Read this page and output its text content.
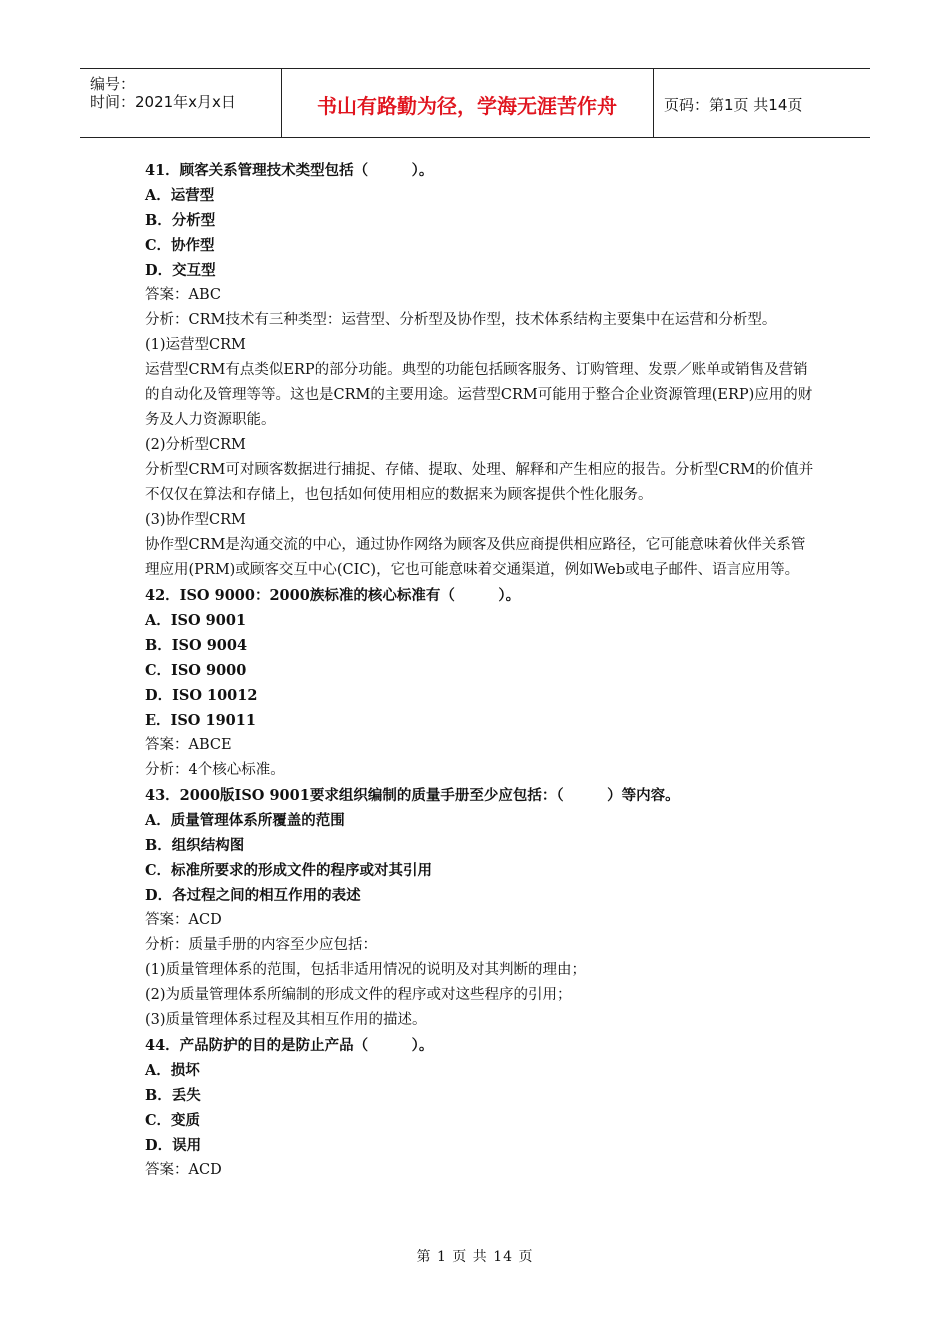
编号：
时间：2021年x月x日	书山有路勤为径，学海无涯苦作舟	页码：第1页 共14页
41．顾客关系管理技术类型包括（　　　）。
A．运营型
B．分析型
C．协作型
D．交互型
答案：ABC
分析：CRM技术有三种类型：运营型、分析型及协作型，技术体系结构主要集中在运营和分析型。
(1)运营型CRM
运营型CRM有点类似ERP的部分功能。典型的功能包括顾客服务、订购管理、发票／账单或销售及营销的自动化及管理等等。这也是CRM的主要用途。运营型CRM可能用于整合企业资源管理(ERP)应用的财务及人力资源职能。
(2)分析型CRM
分析型CRM可对顾客数据进行捕捉、存储、提取、处理、解释和产生相应的报告。分析型CRM的价值并不仅仅在算法和存储上，也包括如何使用相应的数据来为顾客提供个性化服务。
(3)协作型CRM
协作型CRM是沟通交流的中心，通过协作网络为顾客及供应商提供相应路径，它可能意味着伙伴关系管理应用(PRM)或顾客交互中心(CIC)，它也可能意味着交通渠道，例如Web或电子邮件、语言应用等。
42．ISO 9000：2000族标准的核心标准有（　　　）。
A．ISO 9001
B．ISO 9004
C．ISO 9000
D．ISO 10012
E．ISO 19011
答案：ABCE
分析：4个核心标准。
43．2000版ISO 9001要求组织编制的质量手册至少应包括：（　　　）等内容。
A．质量管理体系所覆盖的范围
B．组织结构图
C．标准所要求的形成文件的程序或对其引用
D．各过程之间的相互作用的表述
答案：ACD
分析：质量手册的内容至少应包括：
(1)质量管理体系的范围，包括非适用情况的说明及对其判断的理由；
(2)为质量管理体系所编制的形成文件的程序或对这些程序的引用；
(3)质量管理体系过程及其相互作用的描述。
44．产品防护的目的是防止产品（　　　）。
A．损坏
B．丢失
C．变质
D．误用
答案：ACD
第 1 页 共 14 页
